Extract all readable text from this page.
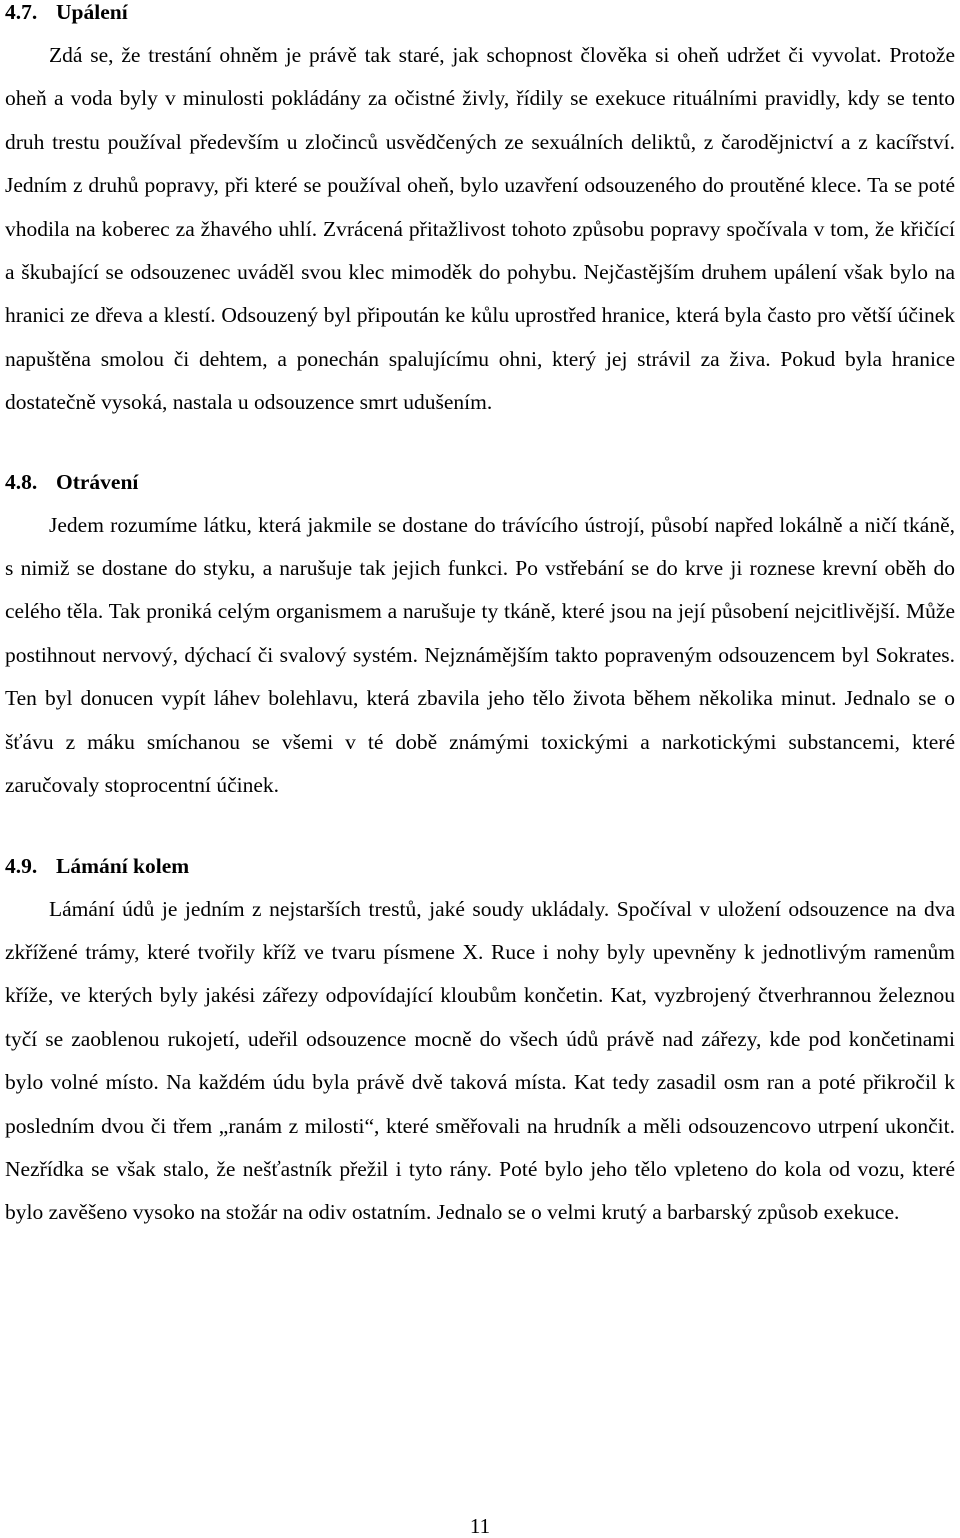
4.7. Upálení

Zdá se, že trestání ohněm je právě tak staré, jak schopnost člověka si oheň udržet či vyvolat. Protože oheň a voda byly v minulosti pokládány za očistné živly, řídily se exekuce rituálními pravidly, kdy se tento druh trestu používal především u zločinců usvědčených ze sexuálních deliktů, z čarodějnictví a z kacířství. Jedním z druhů popravy, při které se používal oheň, bylo uzavření odsouzeného do proutěné klece. Ta se poté vhodila na koberec za žhavého uhlí. Zvrácená přitažlivost tohoto způsobu popravy spočívala v tom, že křičící a škubající se odsouzenec uváděl svou klec mimoděk do pohybu. Nejčastějším druhem upálení však bylo na hranici ze dřeva a klestí. Odsouzený byl připoután ke kůlu uprostřed hranice, která byla často pro větší účinek napuštěna smolou či dehtem, a ponechán spalujícímu ohni, který jej strávil za živa. Pokud byla hranice dostatečně vysoká, nastala u odsouzence smrt udušením.

4.8. Otrávení

Jedem rozumíme látku, která jakmile se dostane do trávícího ústrojí, působí napřed lokálně a ničí tkáně, s nimiž se dostane do styku, a narušuje tak jejich funkci. Po vstřebání se do krve ji roznese krevní oběh do celého těla. Tak proniká celým organismem a narušuje ty tkáně, které jsou na její působení nejcitlivější. Může postihnout nervový, dýchací či svalový systém. Nejznámějším takto popraveným odsouzencem byl Sokrates. Ten byl donucen vypít láhev bolehlavu, která zbavila jeho tělo života během několika minut. Jednalo se o šťávu z máku smíchanou se všemi v té době známými toxickými a narkotickými substancemi, které zaručovaly stoprocentní účinek.

4.9. Lámání kolem

Lámání údů je jedním z nejstarších trestů, jaké soudy ukládaly. Spočíval v uložení odsouzence na dva zkřížené trámy, které tvořily kříž ve tvaru písmene X. Ruce i nohy byly upevněny k jednotlivým ramenům kříže, ve kterých byly jakési zářezy odpovídající kloubům končetin. Kat, vyzbrojený čtverhrannou železnou tyčí se zaoblenou rukojetí, udeřil odsouzence mocně do všech údů právě nad zářezy, kde pod končetinami bylo volné místo. Na každém údu byla právě dvě taková místa. Kat tedy zasadil osm ran a poté přikročil k posledním dvou či třem „ranám z milosti“, které směřovali na hrudník a měli odsouzencovo utrpení ukončit. Nezřídka se však stalo, že nešťastník přežil i tyto rány. Poté bylo jeho tělo vpleteno do kola od vozu, které bylo zavěšeno vysoko na stožár na odiv ostatním. Jednalo se o velmi krutý a barbarský způsob exekuce.

11
